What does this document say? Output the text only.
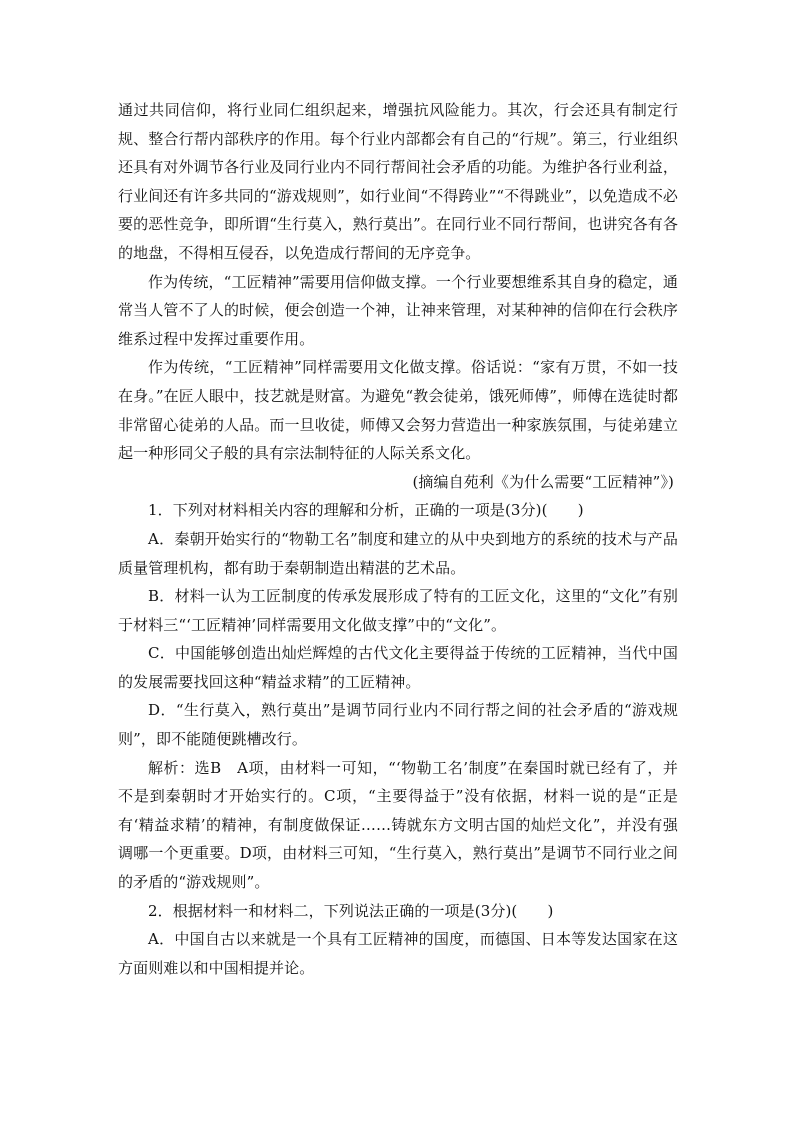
通过共同信仰，将行业同仁组织起来，增强抗风险能力。其次，行会还具有制定行规、整合行帮内部秩序的作用。每个行业内部都会有自己的“行规”。第三，行业组织还具有对外调节各行业及同行业内不同行帮间社会矛盾的功能。为维护各行业利益，行业间还有许多共同的“游戏规则”，如行业间“不得跨业”“不得跳业”，以免造成不必要的恶性竞争，即所谓“生行莫入，熟行莫出”。在同行业不同行帮间，也讲究各有各的地盘，不得相互侵吞，以免造成行帮间的无序竞争。

作为传统，“工匠精神”需要用信仰做支撑。一个行业要想维系其自身的稳定，通常当人管不了人的时候，便会创造一个神，让神来管理，对某种神的信仰在行会秩序维系过程中发挥过重要作用。

作为传统，“工匠精神”同样需要用文化做支撑。俗话说：“家有万贯，不如一技在身。”在匠人眼中，技艺就是财富。为避免“教会徒弟，饿死师傅”，师傅在选徒时都非常留心徒弟的人品。而一旦收徒，师傅又会努力营造出一种家族氛围，与徒弟建立起一种形同父子般的具有宗法制特征的人际关系文化。

(摘编自苑利《为什么需要“工匠精神”》)

1．下列对材料相关内容的理解和分析，正确的一项是(3分)(　　)

A．秦朝开始实行的“物勒工名”制度和建立的从中央到地方的系统的技术与产品质量管理机构，都有助于秦朝制造出精湛的艺术品。

B．材料一认为工匠制度的传承发展形成了特有的工匠文化，这里的“文化”有别于材料三“‘工匠精神’同样需要用文化做支撑”中的“文化”。

C．中国能够创造出灿烂辉煌的古代文化主要得益于传统的工匠精神，当代中国的发展需要找回这种“精益求精”的工匠精神。

D．“生行莫入，熟行莫出”是调节同行业内不同行帮之间的社会矛盾的“游戏规则”，即不能随便跳槽改行。

解析：选B　A项，由材料一可知，“‘物勒工名’制度”在秦国时就已经有了，并不是到秦朝时才开始实行的。C项，“主要得益于”没有依据，材料一说的是“正是有‘精益求精’的精神，有制度做保证……铸就东方文明古国的灿烂文化”，并没有强调哪一个更重要。D项，由材料三可知，“生行莫入，熟行莫出”是调节不同行业之间的矛盾的“游戏规则”。

2．根据材料一和材料二，下列说法正确的一项是(3分)(　　)

A．中国自古以来就是一个具有工匠精神的国度，而德国、日本等发达国家在这方面则难以和中国相提并论。
